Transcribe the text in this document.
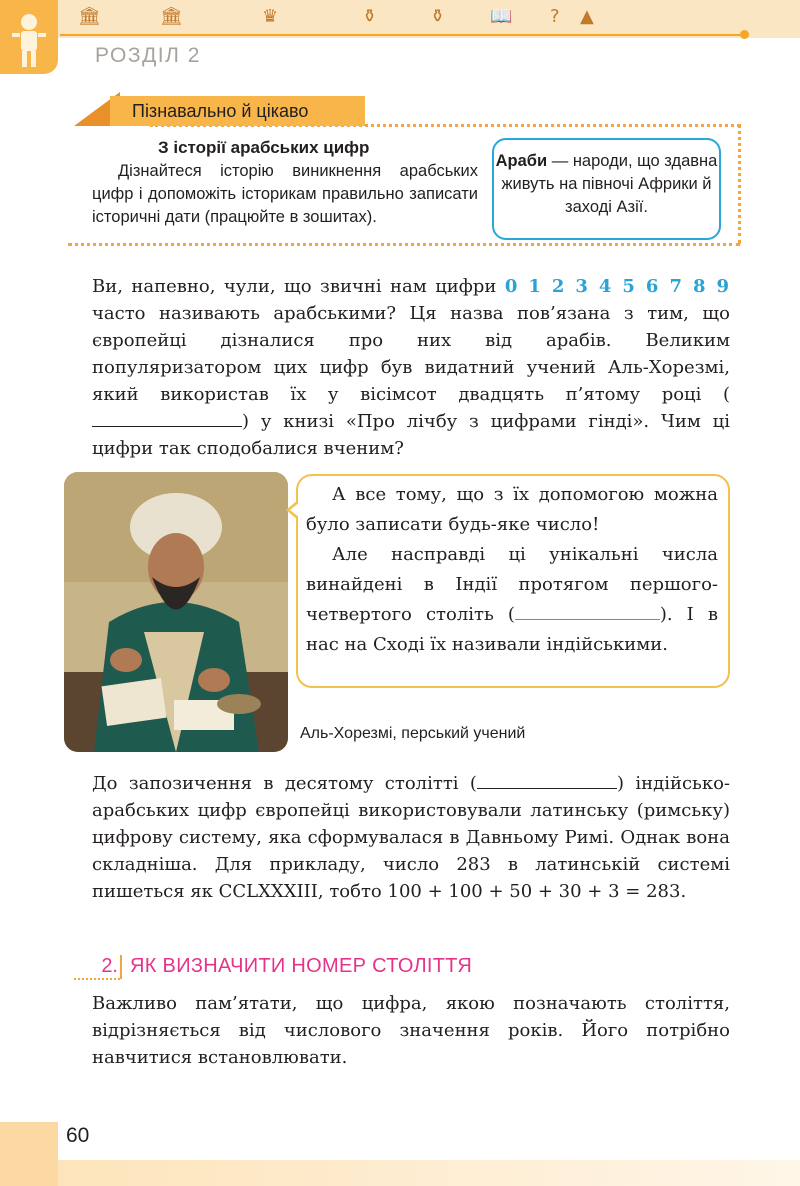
🏛	🏛	♛	⚱	⚱ 📖 ? ▲
РОЗДІЛ 2
Пізнавально й цікаво
З історії арабських цифр
Дізнайтеся історію виникнення арабських цифр і допоможіть історикам правильно записати історичні дати (працюйте в зошитах).
Араби — народи, що здавна живуть на півночі Африки й заході Азії.

Ви, напевно, чули, що звичні нам цифри 0 1 2 3 4 5 6 7 8 9 часто називають арабськими? Ця назва пов’язана з тим, що європейці дізналися про них від арабів. Великим популяризатором цих цифр був видатний учений Аль-Хорезмі, який використав їх у вісімсот двадцять п’ятому році () у книзі «Про лічбу з цифрами гінді». Чим ці цифри так сподобалися вченим?

Аль-Хорезмі, перський учений

А все тому, що з їх допомогою можна було записати будь-яке число!

Але насправді ці унікальні числа винайдені в Індії протягом першого-четвертого століть (	). І в нас на Сході їх називали індійськими.

До запозичення в десятому столітті (	) індійсько-арабських цифр європейці використовували латинську (римську) цифрову систему, яка сформувалася в Давньому Римі. Однак вона складніша. Для прикладу, число 283 в латинській системі пишеться як CCLXXXIII, тобто 100 + 100 + 50 + 30 + 3 = 283.

2. ЯК ВИЗНАЧИТИ НОМЕР СТОЛІТТЯ

Важливо пам’ятати, що цифра, якою позначають століття, відрізняється від числового значення років. Його потрібно навчитися встановлювати.

60
